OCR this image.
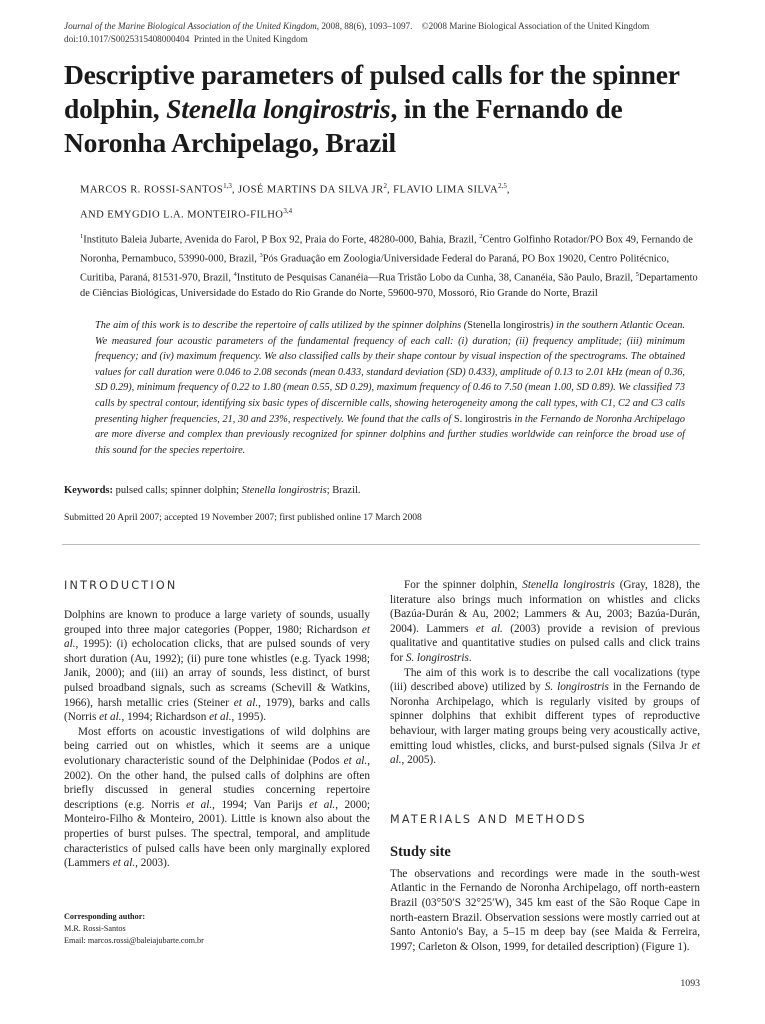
Journal of the Marine Biological Association of the United Kingdom, 2008, 88(6), 1093–1097. ©2008 Marine Biological Association of the United Kingdom
doi:10.1017/S0025315408000404 Printed in the United Kingdom
Descriptive parameters of pulsed calls for the spinner dolphin, Stenella longirostris, in the Fernando de Noronha Archipelago, Brazil
MARCOS R. ROSSI-SANTOS$^{1,3}$, JOSÉ MARTINS DA SILVA $JR^2$, FLAVIO LIMA SILVA$^{2,5}$,
AND EMYGDIO L.A. MONTEIRO-FILHO$^{3,4}$
$^1$Instituto Baleia Jubarte, Avenida do Farol, P Box 92, Praia do Forte, 48280-000, Bahia, Brazil, $^2$Centro Golfinho Rotador/PO Box 49, Fernando de Noronha, Pernambuco, 53990-000, Brazil, $^3$Pós Graduação em Zoologia/Universidade Federal do Paraná, PO Box 19020, Centro Politécnico, Curitiba, Paraná, 81531-970, Brazil, $^4$Instituto de Pesquisas Cananéia—Rua Tristão Lobo da Cunha, 38, Cananéia, São Paulo, Brazil, $^5$Departamento de Ciências Biológicas, Universidade do Estado do Rio Grande do Norte, 59600-970, Mossoró, Rio Grande do Norte, Brazil
The aim of this work is to describe the repertoire of calls utilized by the spinner dolphins (Stenella longirostris) in the southern Atlantic Ocean. We measured four acoustic parameters of the fundamental frequency of each call: (i) duration; (ii) frequency amplitude; (iii) minimum frequency; and (iv) maximum frequency. We also classified calls by their shape contour by visual inspection of the spectrograms. The obtained values for call duration were 0.046 to 2.08 seconds (mean 0.433, standard deviation (SD) 0.433), amplitude of 0.13 to 2.01 kHz (mean of 0.36, SD 0.29), minimum frequency of 0.22 to 1.80 (mean 0.55, SD 0.29), maximum frequency of 0.46 to 7.50 (mean 1.00, SD 0.89). We classified 73 calls by spectral contour, identifying six basic types of discernible calls, showing heterogeneity among the call types, with C1, C2 and C3 calls presenting higher frequencies, 21, 30 and 23%, respectively. We found that the calls of S. longirostris in the Fernando de Noronha Archipelago are more diverse and complex than previously recognized for spinner dolphins and further studies worldwide can reinforce the broad use of this sound for the species repertoire.
Keywords: pulsed calls; spinner dolphin; Stenella longirostris; Brazil.
Submitted 20 April 2007; accepted 19 November 2007; first published online 17 March 2008
INTRODUCTION

Dolphins are known to produce a large variety of sounds, usually grouped into three major categories (Popper, 1980; Richardson et al., 1995): (i) echolocation clicks, that are pulsed sounds of very short duration (Au, 1992); (ii) pure tone whistles (e.g. Tyack 1998; Janik, 2000); and (iii) an array of sounds, less distinct, of burst pulsed broadband signals, such as screams (Schevill & Watkins, 1966), harsh metallic cries (Steiner et al., 1979), barks and calls (Norris et al., 1994; Richardson et al., 1995).

Most efforts on acoustic investigations of wild dolphins are being carried out on whistles, which it seems are a unique evolutionary characteristic sound of the Delphinidae (Podos et al., 2002). On the other hand, the pulsed calls of dolphins are often briefly discussed in general studies concerning repertoire descriptions (e.g. Norris et al., 1994; Van Parijs et al., 2000; Monteiro-Filho & Monteiro, 2001). Little is known also about the properties of burst pulses. The spectral, temporal, and amplitude characteristics of pulsed calls have been only marginally explored (Lammers et al., 2003).

Corresponding author:
M.R. Rossi-Santos
Email: marcos.rossi@baleiajubarte.com.br

For the spinner dolphin, Stenella longirostris (Gray, 1828), the literature also brings much information on whistles and clicks (Bazúa-Durán & Au, 2002; Lammers & Au, 2003; Bazúa-Durán, 2004). Lammers et al. (2003) provide a revision of previous qualitative and quantitative studies on pulsed calls and click trains for S. longirostris.

The aim of this work is to describe the call vocalizations (type (iii) described above) utilized by S. longirostris in the Fernando de Noronha Archipelago, which is regularly visited by groups of spinner dolphins that exhibit different types of reproductive behaviour, with larger mating groups being very acoustically active, emitting loud whistles, clicks, and burst-pulsed signals (Silva Jr et al., 2005).

MATERIALS AND METHODS
Study site

The observations and recordings were made in the south-west Atlantic in the Fernando de Noronha Archipelago, off north-eastern Brazil (03°50′S 32°25′W), 345 km east of the São Roque Cape in north-eastern Brazil. Observation sessions were mostly carried out at Santo Antonio's Bay, a 5–15 m deep bay (see Maida & Ferreira, 1997; Carleton & Olson, 1999, for detailed description) (Figure 1).

1093
